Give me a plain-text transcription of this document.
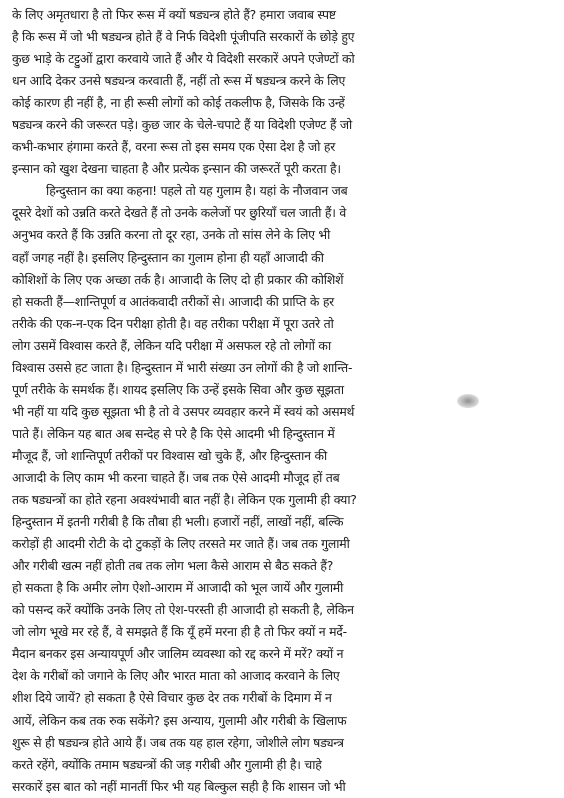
के लिए अमृतधारा है तो फिर रूस में क्यों षड्यन्त्र होते हैं? हमारा जवाब स्पष्ट
है कि रूस में जो भी षड्यन्त्र होते हैं वे निर्फ विदेशी पूंजीपति सरकारों के छोड़े हुए
कुछ भाड़े के टट्टुओं द्वारा करवाये जाते हैं और ये विदेशी सरकारें अपने एजेण्टों को
धन आदि देकर उनसे षड्यन्त्र करवाती हैं, नहीं तो रूस में षड्यन्त्र करने के लिए
कोई कारण ही नहीं है, ना ही रूसी लोगों को कोई तकलीफ है, जिसके कि उन्हें
षड्यन्त्र करने की जरूरत पड़े। कुछ जार के चेले-चपाटे हैं या विदेशी एजेण्ट हैं जो
कभी-कभार हंगामा करते हैं, वरना रूस तो इस समय एक ऐसा देश है जो हर
इन्सान को खुश देखना चाहता है और प्रत्येक इन्सान की जरूरतें पूरी करता है।
हिन्दुस्तान का क्या कहना! पहले तो यह गुलाम है। यहां के नौजवान जब
दूसरे देशों को उन्नति करते देखते हैं तो उनके कलेजों पर छुरियाँ चल जाती हैं। वे
अनुभव करते हैं कि उन्नति करना तो दूर रहा, उनके तो सांस लेने के लिए भी
वहाँ जगह नहीं है। इसलिए हिन्दुस्तान का गुलाम होना ही यहाँ आजादी की
कोशिशों के लिए एक अच्छा तर्क है। आजादी के लिए दो ही प्रकार की कोशिशें
हो सकती हैं—शान्तिपूर्ण व आतंकवादी तरीकों से। आजादी की प्राप्ति के हर
तरीके की एक-न-एक दिन परीक्षा होती है। वह तरीका परीक्षा में पूरा उतरे तो
लोग उसमें विश्वास करते हैं, लेकिन यदि परीक्षा में असफल रहे तो लोगों का
विश्वास उससे हट जाता है। हिन्दुस्तान में भारी संख्या उन लोगों की है जो शान्ति-
पूर्ण तरीके के समर्थक हैं। शायद इसलिए कि उन्हें इसके सिवा और कुछ सूझता
भी नहीं या यदि कुछ सूझता भी है तो वे उसपर व्यवहार करने में स्वयं को असमर्थ
पाते हैं। लेकिन यह बात अब सन्देह से परे है कि ऐसे आदमी भी हिन्दुस्तान में
मौजूद हैं, जो शान्तिपूर्ण तरीकों पर विश्वास खो चुके हैं, और हिन्दुस्तान की
आजादी के लिए काम भी करना चाहते हैं। जब तक ऐसे आदमी मौजूद हों तब
तक षड्यन्त्रों का होते रहना अवश्यंभावी बात नहीं है। लेकिन एक गुलामी ही क्या?
हिन्दुस्तान में इतनी गरीबी है कि तौबा ही भली। हजारों नहीं, लाखों नहीं, बल्कि
करोड़ों ही आदमी रोटी के दो टुकड़ों के लिए तरसते मर जाते हैं। जब तक गुलामी
और गरीबी खत्म नहीं होती तब तक लोग भला कैसे आराम से बैठ सकते हैं?
हो सकता है कि अमीर लोग ऐशो-आराम में आजादी को भूल जायें और गुलामी
को पसन्द करें क्योंकि उनके लिए तो ऐश-परस्ती ही आजादी हो सकती है, लेकिन
जो लोग भूखे मर रहे हैं, वे समझते हैं कि यूँ हमें मरना ही है तो फिर क्यों न मर्दे-
मैदान बनकर इस अन्यायपूर्ण और जालिम व्यवस्था को रद्द करने में मरें? क्यों न
देश के गरीबों को जगाने के लिए और भारत माता को आजाद करवाने के लिए
शीश दिये जायें? हो सकता है ऐसे विचार कुछ देर तक गरीबों के दिमाग में न
आयें, लेकिन कब तक रुक सकेंगे? इस अन्याय, गुलामी और गरीबी के खिलाफ
शुरू से ही षड्यन्त्र होते आये हैं। जब तक यह हाल रहेगा, जोशीले लोग षड्यन्त्र
करते रहेंगे, क्योंकि तमाम षड्यन्त्रों की जड़ गरीबी और गुलामी ही है। चाहे
सरकारें इस बात को नहीं मानतीं फिर भी यह बिल्कुल सही है कि शासन जो भी
